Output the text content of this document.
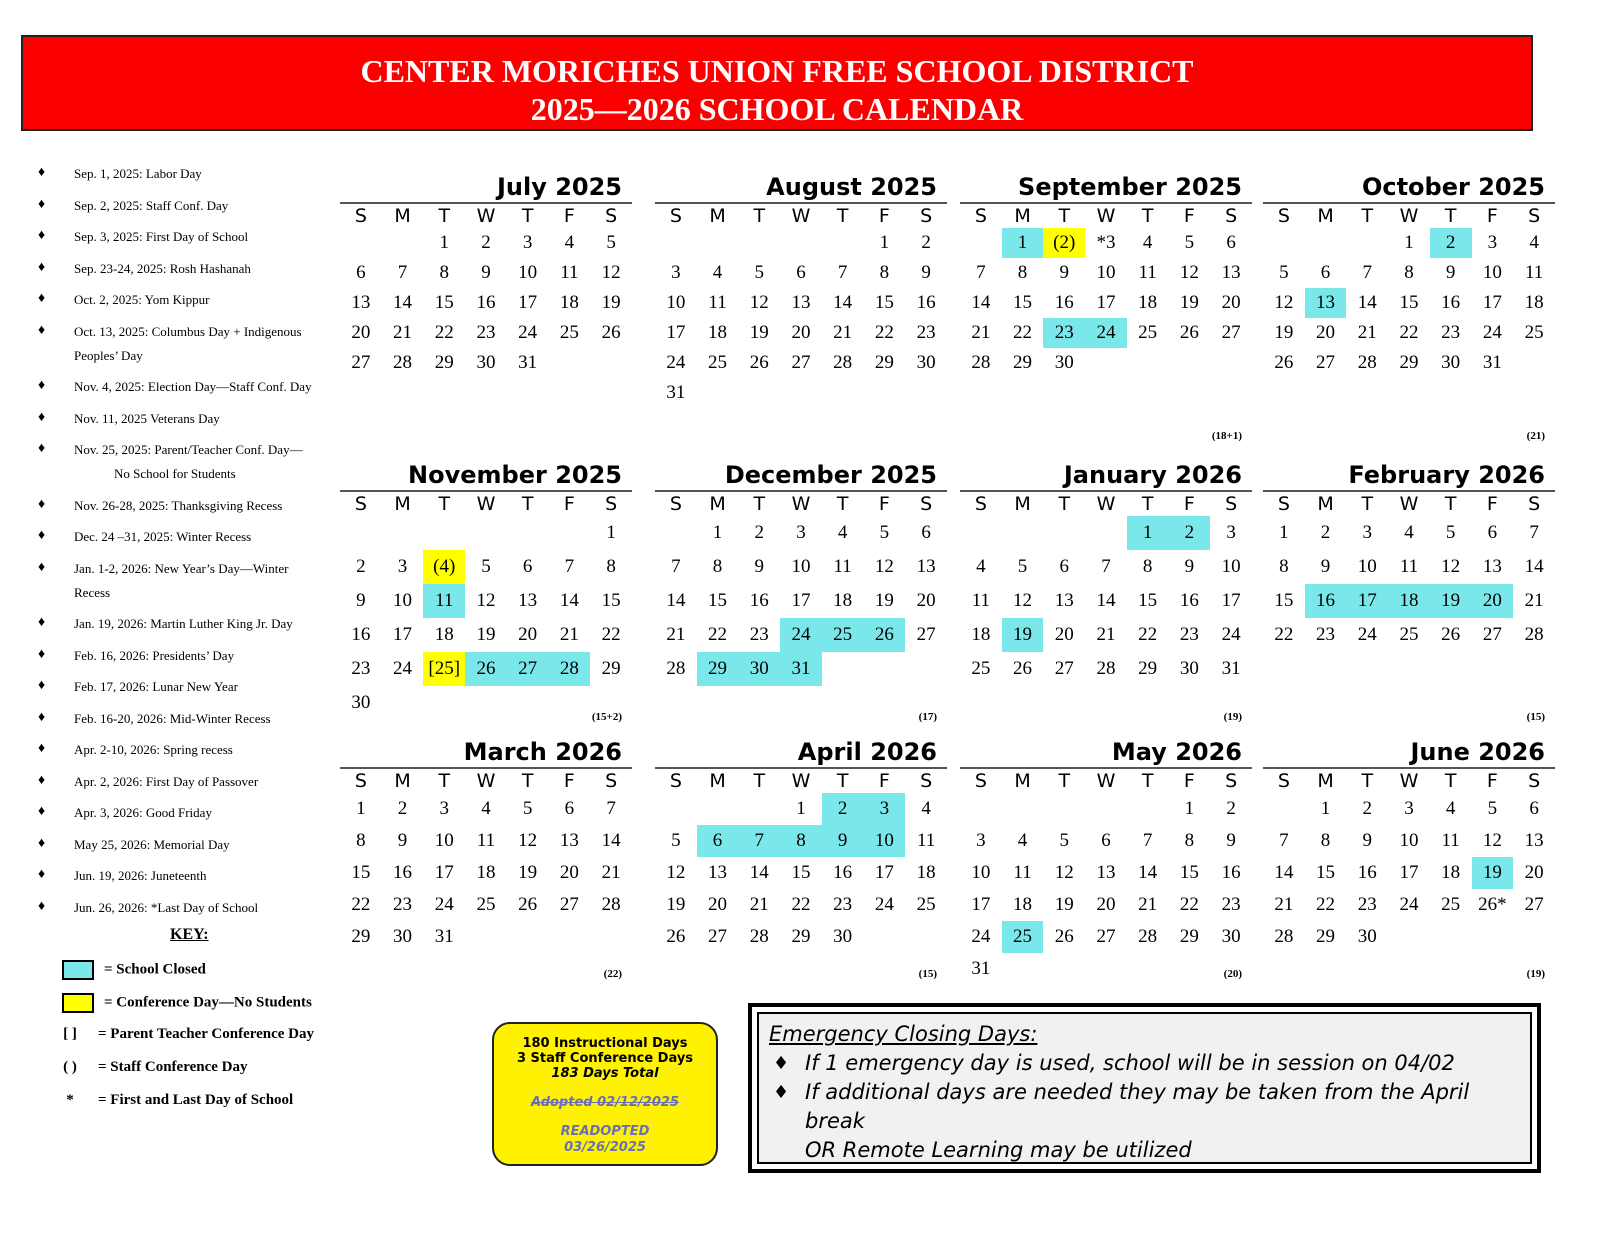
CENTER MORICHES UNION FREE SCHOOL DISTRICT
2025—2026 SCHOOL CALENDAR
♦ Sep. 1, 2025: Labor Day
♦ Sep. 2, 2025: Staff Conf. Day
♦ Sep. 3, 2025: First Day of School
♦ Sep. 23-24, 2025: Rosh Hashanah
♦ Oct. 2, 2025: Yom Kippur
♦ Oct. 13, 2025: Columbus Day + Indigenous
Peoples’ Day
♦ Nov. 4, 2025: Election Day—Staff Conf. Day
♦ Nov. 11, 2025 Veterans Day
♦ Nov. 25, 2025: Parent/Teacher Conf. Day—
No School for Students
♦ Nov. 26-28, 2025: Thanksgiving Recess
♦ Dec. 24 –31, 2025: Winter Recess
♦ Jan. 1-2, 2026: New Year’s Day—Winter
Recess
♦ Jan. 19, 2026: Martin Luther King Jr. Day
♦ Feb. 16, 2026: Presidents’ Day
♦ Feb. 17, 2026: Lunar New Year
♦ Feb. 16-20, 2026: Mid-Winter Recess
♦ Apr. 2-10, 2026: Spring recess
♦ Apr. 2, 2026: First Day of Passover
♦ Apr. 3, 2026: Good Friday
♦ May 25, 2026: Memorial Day
♦ Jun. 19, 2026: Juneteenth
♦ Jun. 26, 2026: *Last Day of School
KEY:
= School Closed
= Conference Day—No Students
[ ] = Parent Teacher Conference Day
( ) = Staff Conference Day
* = First and Last Day of School
July 2025
S	M	T	W	T	F	S
		1	2	3	4	5
6	7	8	9	10	11	12
13	14	15	16	17	18	19
20	21	22	23	24	25	26
27	28	29	30	31		
August 2025
S	M	T	W	T	F	S
					1	2
3	4	5	6	7	8	9
10	11	12	13	14	15	16
17	18	19	20	21	22	23
24	25	26	27	28	29	30
31						
September 2025
S	M	T	W	T	F	S
	1	(2)	*3	4	5	6
7	8	9	10	11	12	13
14	15	16	17	18	19	20
21	22	23	24	25	26	27
28	29	30				
(18+1)
October 2025
S	M	T	W	T	F	S
			1	2	3	4
5	6	7	8	9	10	11
12	13	14	15	16	17	18
19	20	21	22	23	24	25
26	27	28	29	30	31	
(21)
November 2025
S	M	T	W	T	F	S
						1
2	3	(4)	5	6	7	8
9	10	11	12	13	14	15
16	17	18	19	20	21	22
23	24	[25]	26	27	28	29
30						
(15+2)
December 2025
S	M	T	W	T	F	S
	1	2	3	4	5	6
7	8	9	10	11	12	13
14	15	16	17	18	19	20
21	22	23	24	25	26	27
28	29	30	31			
(17)
January 2026
S	M	T	W	T	F	S
				1	2	3
4	5	6	7	8	9	10
11	12	13	14	15	16	17
18	19	20	21	22	23	24
25	26	27	28	29	30	31
(19)
February 2026
S	M	T	W	T	F	S
1	2	3	4	5	6	7
8	9	10	11	12	13	14
15	16	17	18	19	20	21
22	23	24	25	26	27	28
(15)
March 2026
S	M	T	W	T	F	S
1	2	3	4	5	6	7
8	9	10	11	12	13	14
15	16	17	18	19	20	21
22	23	24	25	26	27	28
29	30	31				
(22)
April 2026
S	M	T	W	T	F	S
			1	2	3	4
5	6	7	8	9	10	11
12	13	14	15	16	17	18
19	20	21	22	23	24	25
26	27	28	29	30		
(15)
May 2026
S	M	T	W	T	F	S
					1	2
3	4	5	6	7	8	9
10	11	12	13	14	15	16
17	18	19	20	21	22	23
24	25	26	27	28	29	30
31							(20)
June 2026
S	M	T	W	T	F	S
	1	2	3	4	5	6
7	8	9	10	11	12	13
14	15	16	17	18	19	20
21	22	23	24	25	26*	27
28	29	30				
(19)
180 Instructional Days
3 Staff Conference Days
183 Days Total
Adopted 02/12/2025
READOPTED
03/26/2025
Emergency Closing Days:
♦ If 1 emergency day is used, school will be in session on 04/02
♦ If additional days are needed they may be taken from the April break
OR Remote Learning may be utilized
